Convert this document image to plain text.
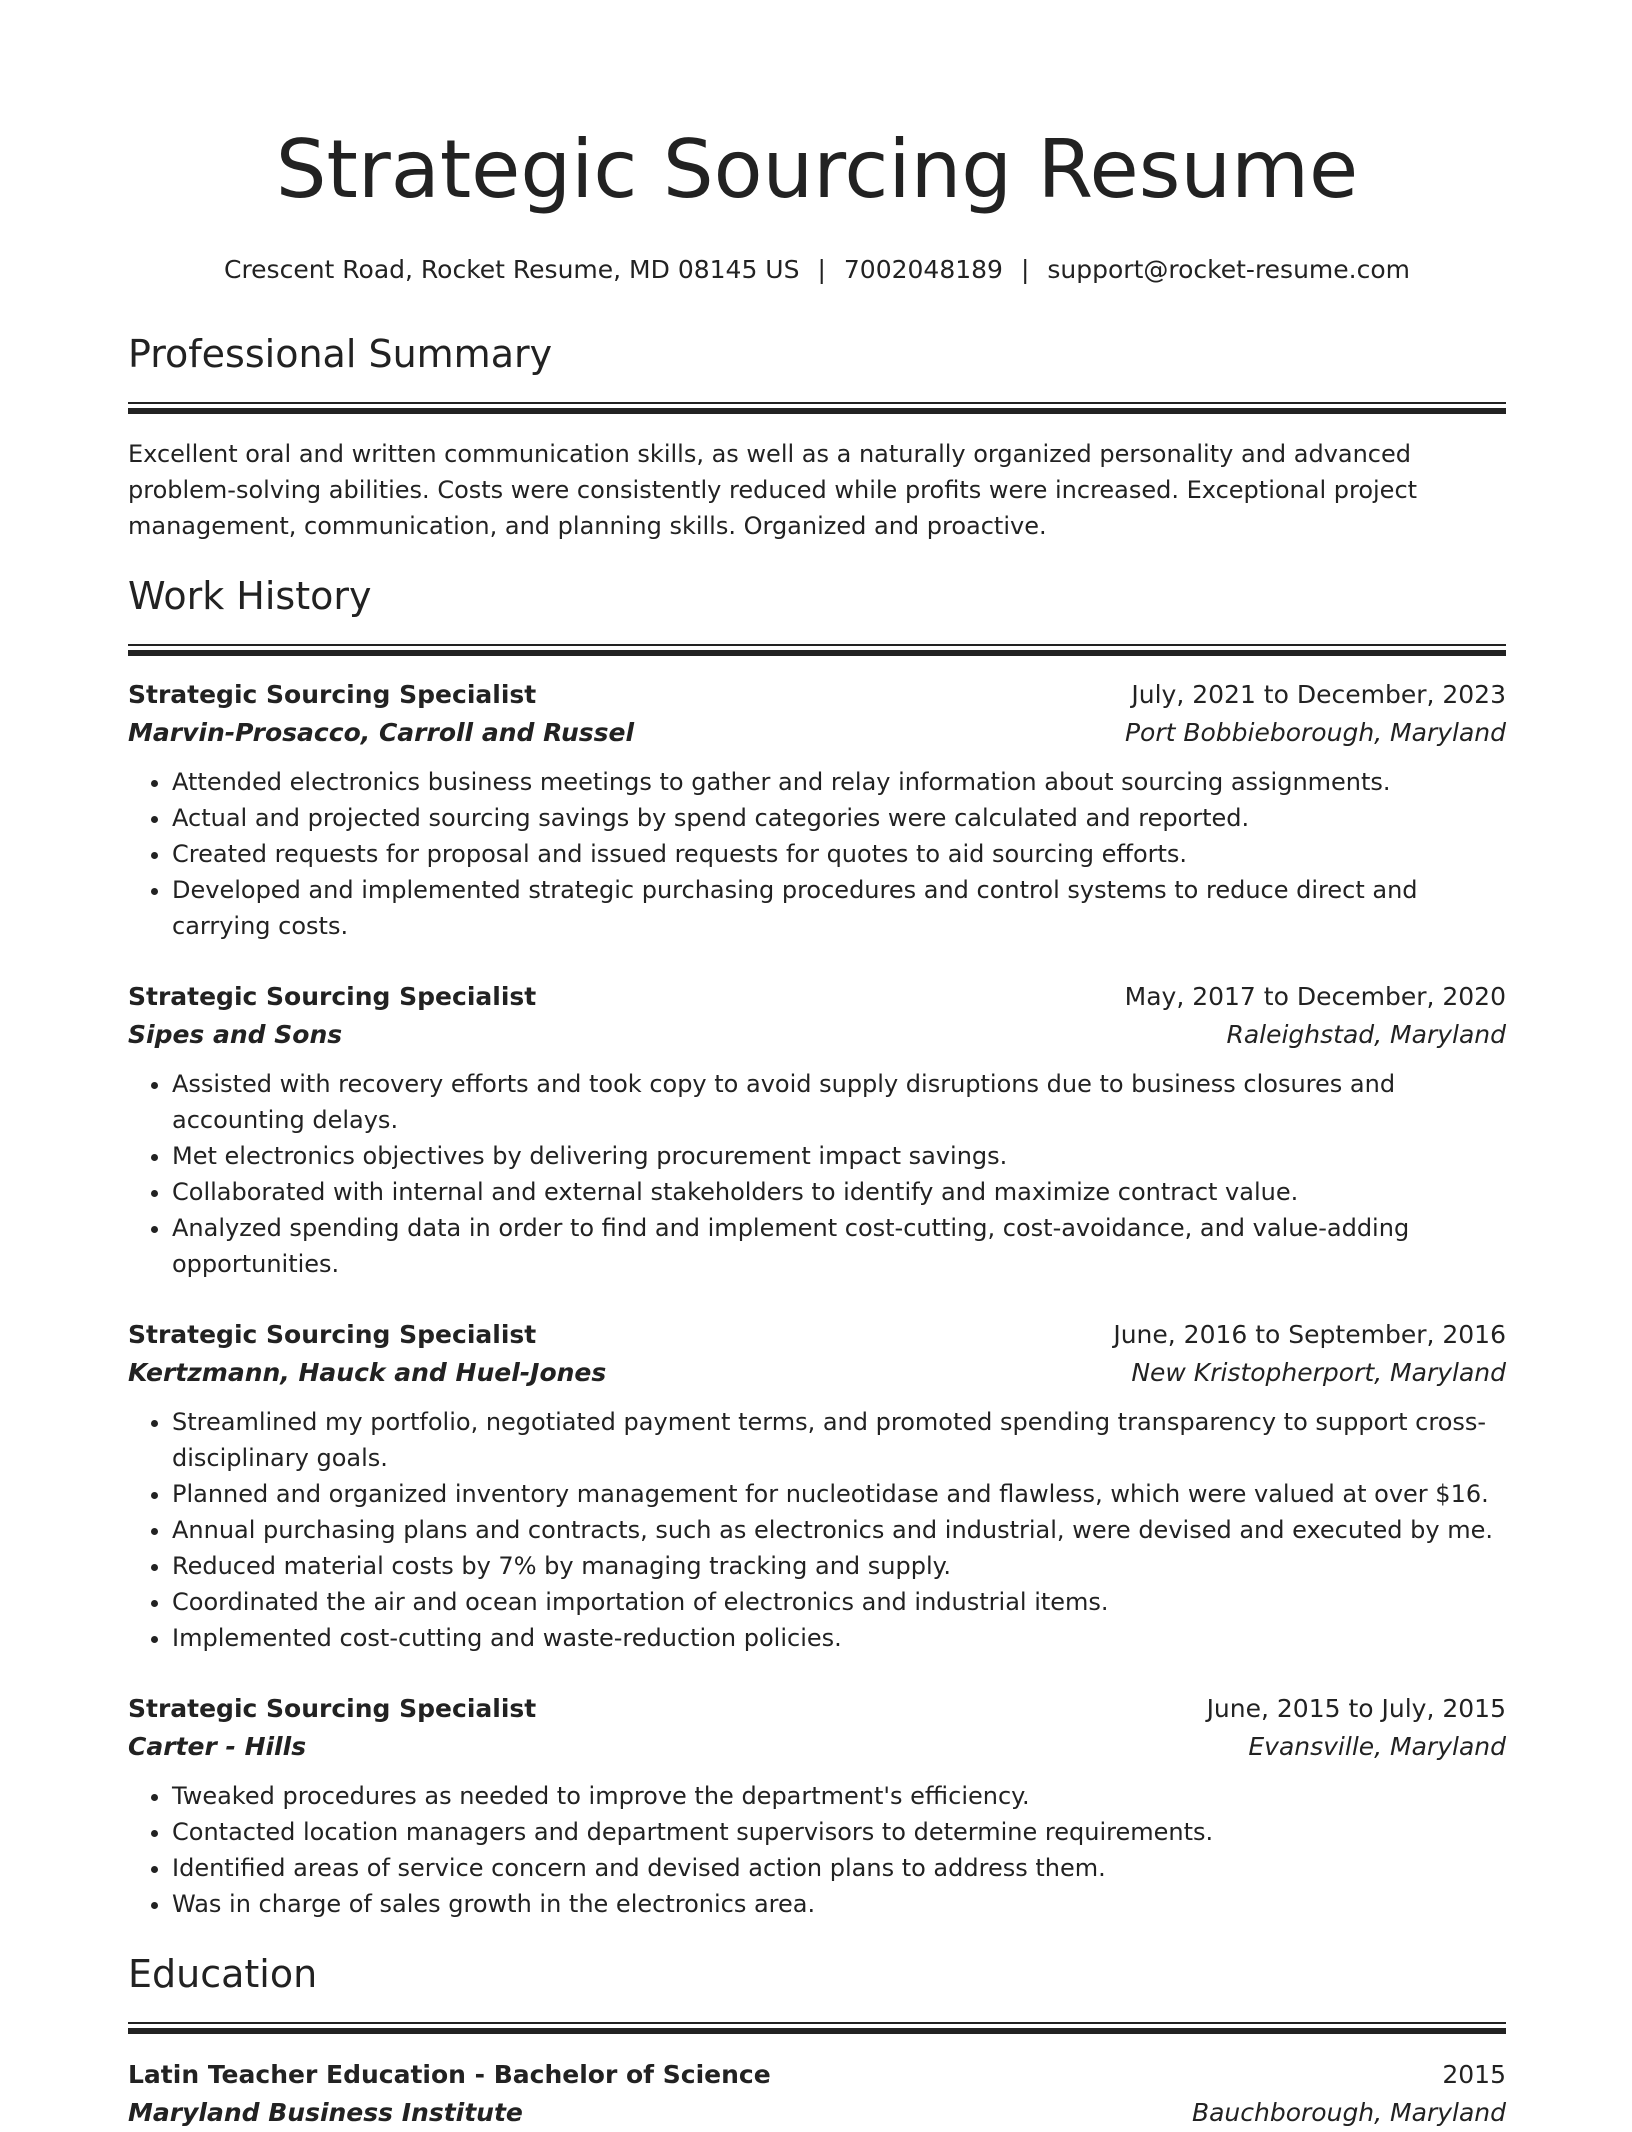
Strategic Sourcing Resume
Crescent Road, Rocket Resume, MD 08145 US | 7002048189 | support@rocket-resume.com
Professional Summary

Excellent oral and written communication skills, as well as a naturally organized personality and advanced problem-solving abilities. Costs were consistently reduced while profits were increased. Exceptional project management, communication, and planning skills. Organized and proactive.

Work History
Strategic Sourcing Specialist	July, 2021 to December, 2023
Marvin-Prosacco, Carroll and Russel	Port Bobbieborough, Maryland
• Attended electronics business meetings to gather and relay information about sourcing assignments.
• Actual and projected sourcing savings by spend categories were calculated and reported.
• Created requests for proposal and issued requests for quotes to aid sourcing efforts.
• Developed and implemented strategic purchasing procedures and control systems to reduce direct and carrying costs.
Strategic Sourcing Specialist	May, 2017 to December, 2020
Sipes and Sons	Raleighstad, Maryland
• Assisted with recovery efforts and took copy to avoid supply disruptions due to business closures and accounting delays.
• Met electronics objectives by delivering procurement impact savings.
• Collaborated with internal and external stakeholders to identify and maximize contract value.
• Analyzed spending data in order to find and implement cost-cutting, cost-avoidance, and value-adding opportunities.
Strategic Sourcing Specialist	June, 2016 to September, 2016
Kertzmann, Hauck and Huel-Jones	New Kristopherport, Maryland
• Streamlined my portfolio, negotiated payment terms, and promoted spending transparency to support cross-disciplinary goals.
• Planned and organized inventory management for nucleotidase and flawless, which were valued at over $16.
• Annual purchasing plans and contracts, such as electronics and industrial, were devised and executed by me.
• Reduced material costs by 7% by managing tracking and supply.
• Coordinated the air and ocean importation of electronics and industrial items.
• Implemented cost-cutting and waste-reduction policies.
Strategic Sourcing Specialist	June, 2015 to July, 2015
Carter - Hills	Evansville, Maryland
• Tweaked procedures as needed to improve the department's efficiency.
• Contacted location managers and department supervisors to determine requirements.
• Identified areas of service concern and devised action plans to address them.
• Was in charge of sales growth in the electronics area.
Education
Latin Teacher Education - Bachelor of Science	2015
Maryland Business Institute	Bauchborough, Maryland
